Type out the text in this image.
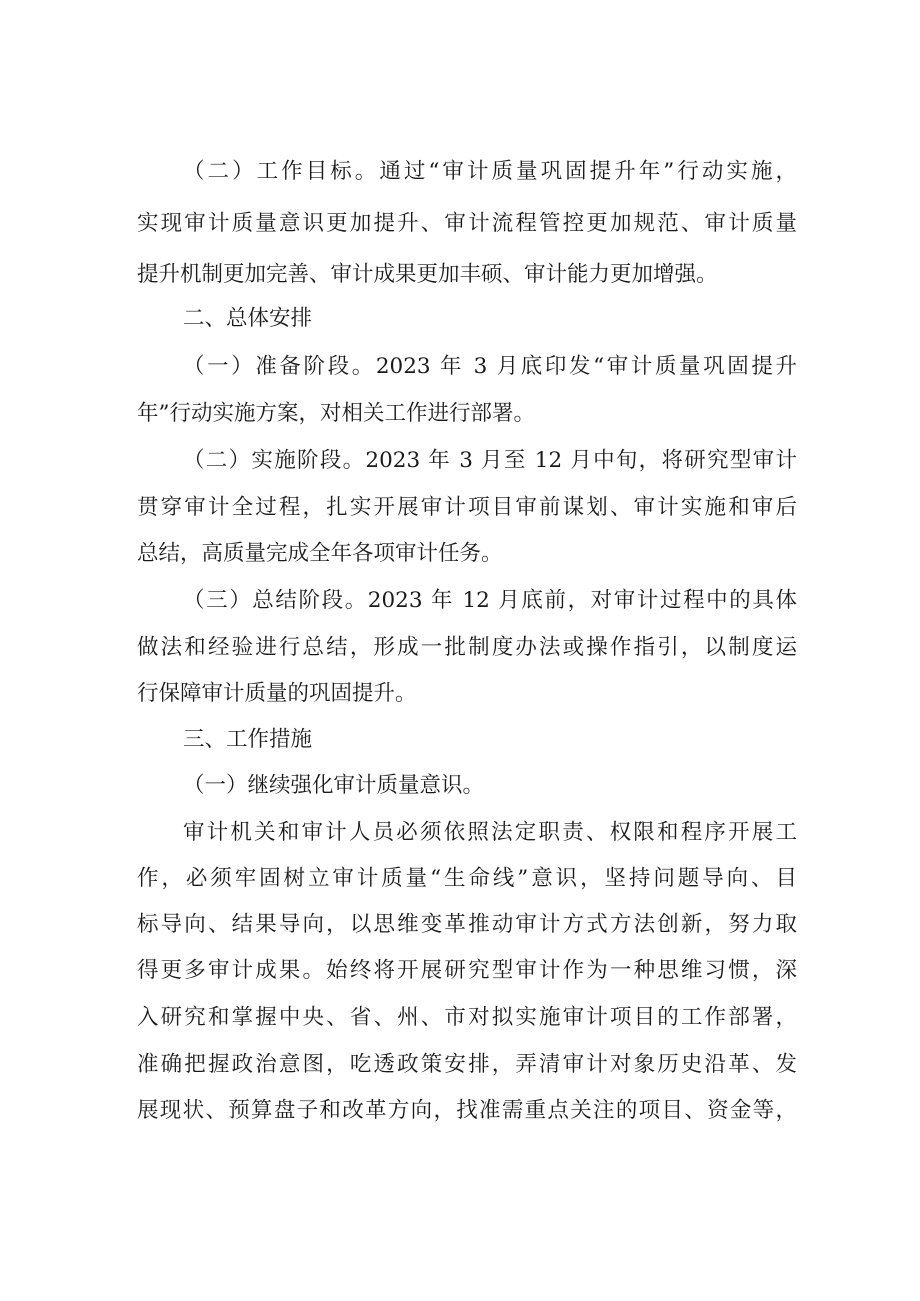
（二）工作目标。通过“审计质量巩固提升年”行动实施，
实现审计质量意识更加提升、审计流程管控更加规范、审计质量
提升机制更加完善、审计成果更加丰硕、审计能力更加增强。
二、总体安排
（一）准备阶段。2023 年 3 月底印发“审计质量巩固提升
年”行动实施方案，对相关工作进行部署。
（二）实施阶段。2023 年 3 月至 12 月中旬，将研究型审计
贯穿审计全过程，扎实开展审计项目审前谋划、审计实施和审后
总结，高质量完成全年各项审计任务。
（三）总结阶段。2023 年 12 月底前，对审计过程中的具体
做法和经验进行总结，形成一批制度办法或操作指引，以制度运
行保障审计质量的巩固提升。
三、工作措施
（一）继续强化审计质量意识。
审计机关和审计人员必须依照法定职责、权限和程序开展工
作，必须牢固树立审计质量“生命线”意识，坚持问题导向、目
标导向、结果导向，以思维变革推动审计方式方法创新，努力取
得更多审计成果。始终将开展研究型审计作为一种思维习惯，深
入研究和掌握中央、省、州、市对拟实施审计项目的工作部署，
准确把握政治意图，吃透政策安排，弄清审计对象历史沿革、发
展现状、预算盘子和改革方向，找准需重点关注的项目、资金等，
